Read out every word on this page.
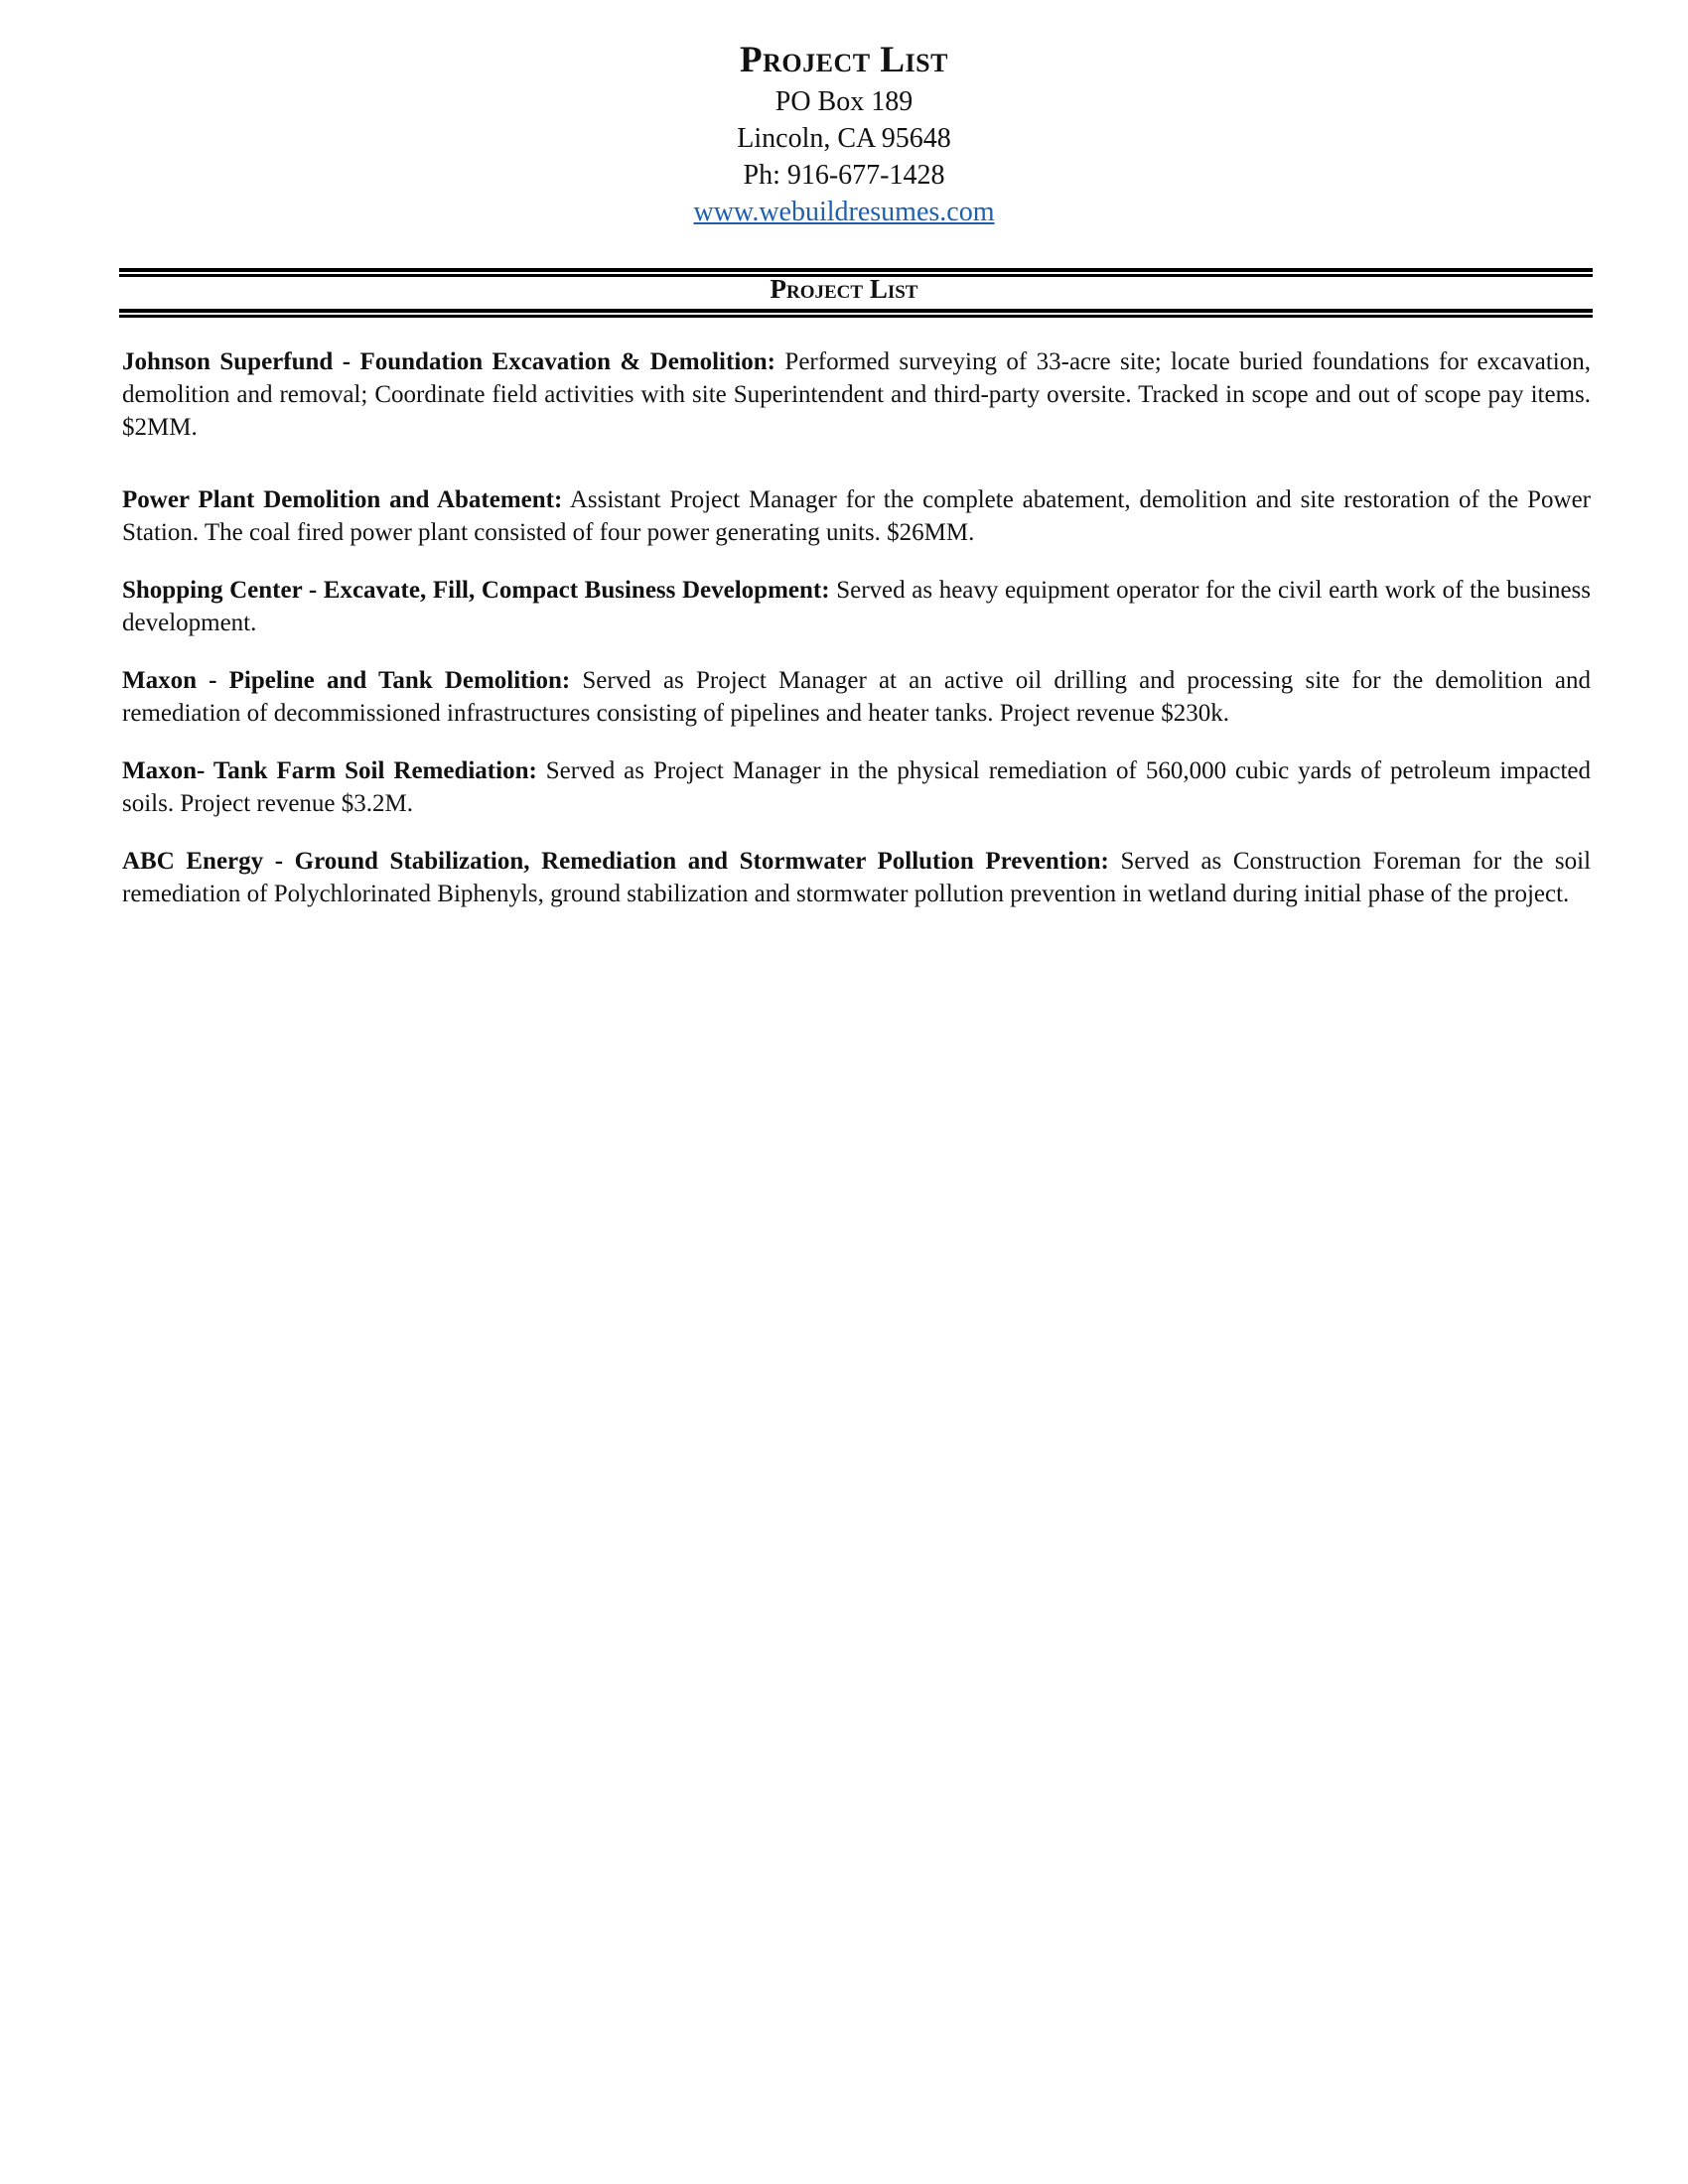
Project List

PO Box 189

Lincoln, CA 95648

Ph: 916-677-1428

www.webuildresumes.com
Project List

Johnson Superfund - Foundation Excavation & Demolition: Performed surveying of 33-acre site; locate buried foundations for excavation, demolition and removal; Coordinate field activities with site Superintendent and third-party oversite. Tracked in scope and out of scope pay items. $2MM.

Power Plant Demolition and Abatement: Assistant Project Manager for the complete abatement, demolition and site restoration of the Power Station. The coal fired power plant consisted of four power generating units. $26MM.

Shopping Center - Excavate, Fill, Compact Business Development: Served as heavy equipment operator for the civil earth work of the business development.

Maxon - Pipeline and Tank Demolition: Served as Project Manager at an active oil drilling and processing site for the demolition and remediation of decommissioned infrastructures consisting of pipelines and heater tanks. Project revenue $230k.

Maxon- Tank Farm Soil Remediation: Served as Project Manager in the physical remediation of 560,000 cubic yards of petroleum impacted soils. Project revenue $3.2M.

ABC Energy - Ground Stabilization, Remediation and Stormwater Pollution Prevention: Served as Construction Foreman for the soil remediation of Polychlorinated Biphenyls, ground stabilization and stormwater pollution prevention in wetland during initial phase of the project.
